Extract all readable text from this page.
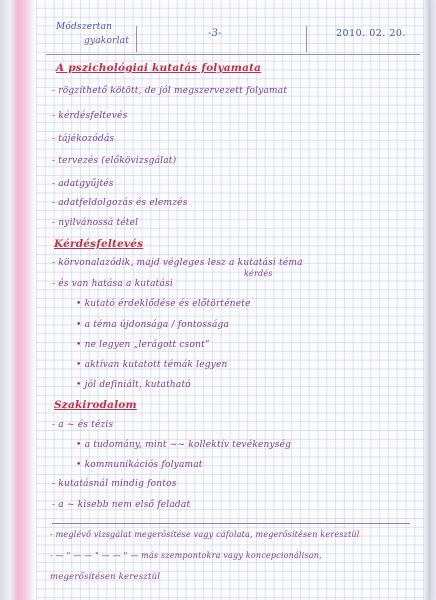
Módszertan
gyakorlat
-3-	2010. 02. 20.
A pszichológiai kutatás folyamata
- rögzíthető kötött, de jól megszervezett folyamat
- kérdésfeltevés
- tájékozódás
- tervezés (előkövizsgálat)
- adatgyűjtés
- adatfeldolgozás és elemzés
- nyilvánossá tétel
Kérdésfeltevés
- körvonalazódik, majd végleges lesz a kutatási téma
kérdés
- és van hatása a kutatási
• kutató érdeklődése és előtörténete
• a téma újdonsága / fontossága
• ne legyen „lerágott csont”
• aktívan kutatott témák legyen
• jól definiált, kutatható
Szakirodalom
- a ~ és tézis
• a tudomány, mint ~~ kollektív tevékenység
• kommunikációs folyamat
- kutatásnál mindig fontos
- a ~ kisebb nem első feladat
- meglévő vizsgálat megerősítése vagy cáfolata, megerősítésen keresztül
- — " — — " — — " — más szempontokra vagy koncepcionálisan,
megerősítésen keresztül
